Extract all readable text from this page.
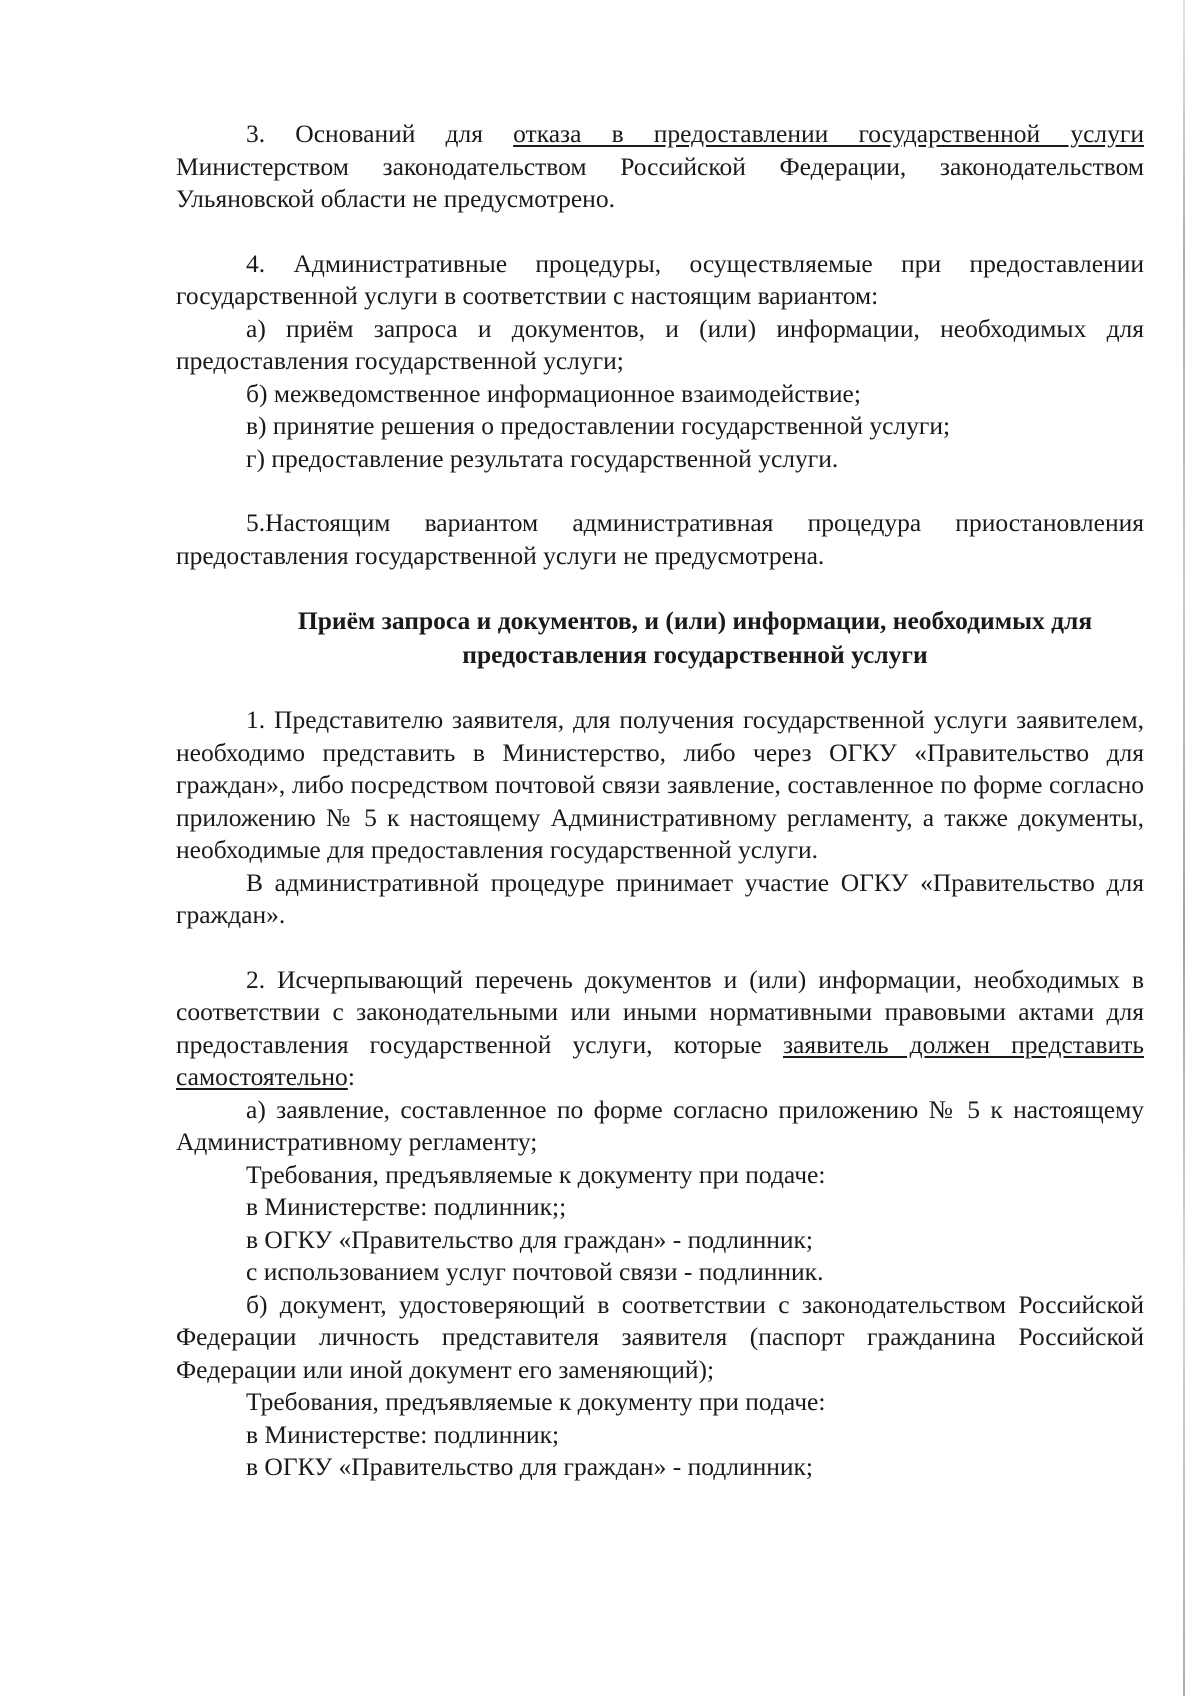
3. Оснований для отказа в предоставлении государственной услуги Министерством законодательством Российской Федерации, законодательством Ульяновской области не предусмотрено.

4. Административные процедуры, осуществляемые при предоставлении государственной услуги в соответствии с настоящим вариантом:

а) приём запроса и документов, и (или) информации, необходимых для предоставления государственной услуги;

б) межведомственное информационное взаимодействие;

в) принятие решения о предоставлении государственной услуги;

г) предоставление результата государственной услуги.

5.Настоящим вариантом административная процедура приостановления предоставления государственной услуги не предусмотрена.

Приём запроса и документов, и (или) информации, необходимых для
предоставления государственной услуги

1. Представителю заявителя, для получения государственной услуги заявителем, необходимо представить в Министерство, либо через ОГКУ «Правительство для граждан», либо посредством почтовой связи заявление, составленное по форме согласно приложению № 5 к настоящему Административному регламенту, а также документы, необходимые для предоставления государственной услуги.

В административной процедуре принимает участие ОГКУ «Правительство для граждан».

2. Исчерпывающий перечень документов и (или) информации, необходимых в соответствии с законодательными или иными нормативными правовыми актами для предоставления государственной услуги, которые заявитель должен представить самостоятельно:

а) заявление, составленное по форме согласно приложению № 5 к настоящему Административному регламенту;

Требования, предъявляемые к документу при подаче:

в Министерстве: подлинник;;

в ОГКУ «Правительство для граждан» - подлинник;

с использованием услуг почтовой связи - подлинник.

б) документ, удостоверяющий в соответствии с законодательством Российской Федерации личность представителя заявителя (паспорт гражданина Российской Федерации или иной документ его заменяющий);

Требования, предъявляемые к документу при подаче:

в Министерстве: подлинник;

в ОГКУ «Правительство для граждан» - подлинник;
